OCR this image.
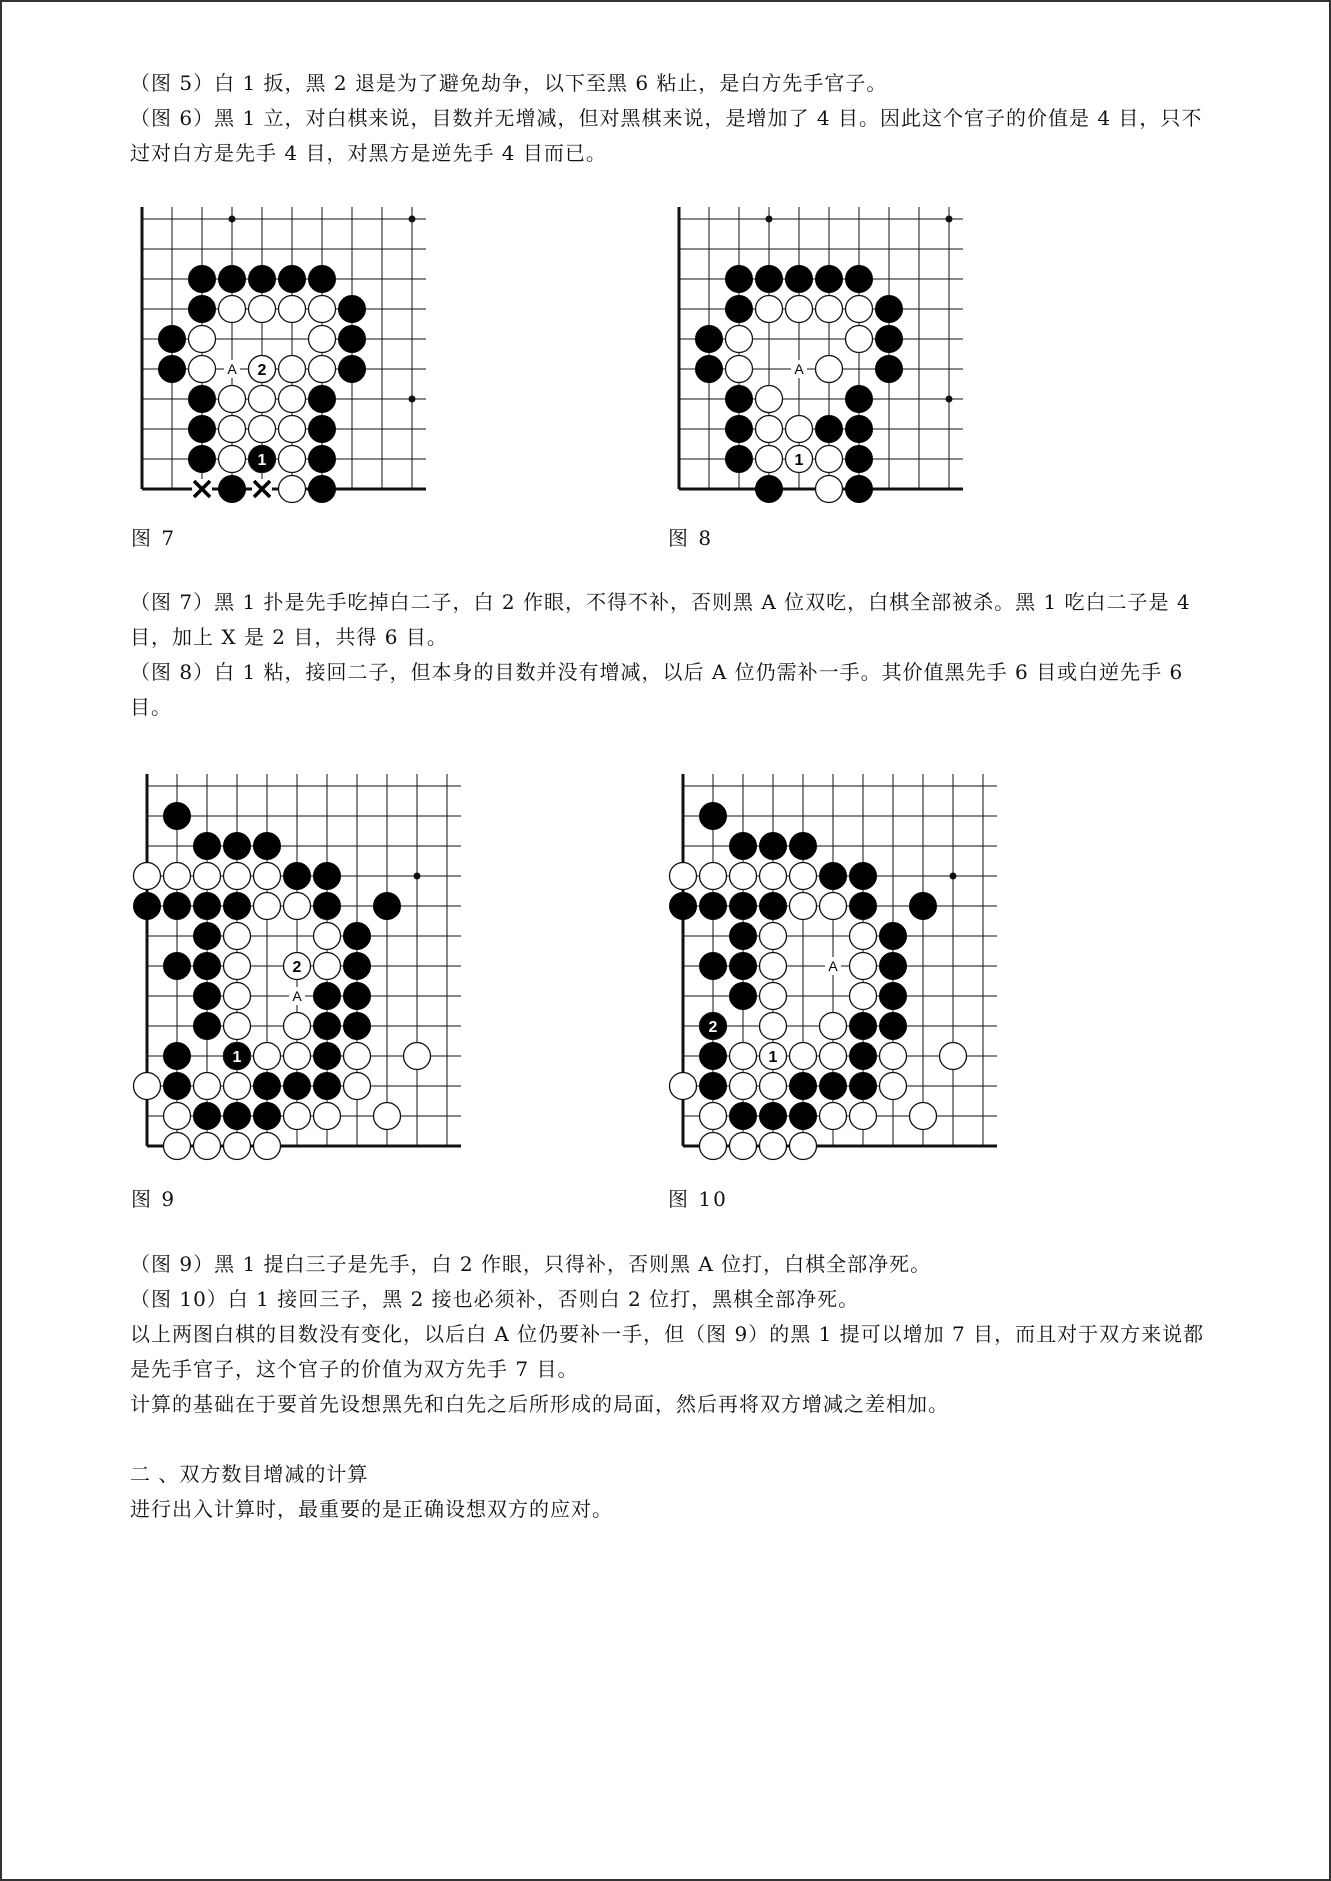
（图 5）白 1 扳，黑 2 退是为了避免劫争，以下至黑 6 粘止，是白方先手官子。

（图 6）黑 1 立，对白棋来说，目数并无增减，但对黑棋来说，是增加了 4 目。因此这个官子的价值是 4 目，只不过对白方是先手 4 目，对黑方是逆先手 4 目而已。

2
1
A
图 7
1
A
图 8

（图 7）黑 1 扑是先手吃掉白二子，白 2 作眼，不得不补，否则黑 A 位双吃，白棋全部被杀。黑 1 吃白二子是 4 目，加上 X 是 2 目，共得 6 目。

（图 8）白 1 粘，接回二子，但本身的目数并没有增减，以后 A 位仍需补一手。其价值黑先手 6 目或白逆先手 6 目。

2
1
A
图 9
2
1
A
图 10

（图 9）黑 1 提白三子是先手，白 2 作眼，只得补，否则黑 A 位打，白棋全部净死。

（图 10）白 1 接回三子，黑 2 接也必须补，否则白 2 位打，黑棋全部净死。

以上两图白棋的目数没有变化，以后白 A 位仍要补一手，但（图 9）的黑 1 提可以增加 7 目，而且对于双方来说都是先手官子，这个官子的价值为双方先手 7 目。

计算的基础在于要首先设想黑先和白先之后所形成的局面，然后再将双方增减之差相加。

二 、双方数目增减的计算

进行出入计算时，最重要的是正确设想双方的应对。
